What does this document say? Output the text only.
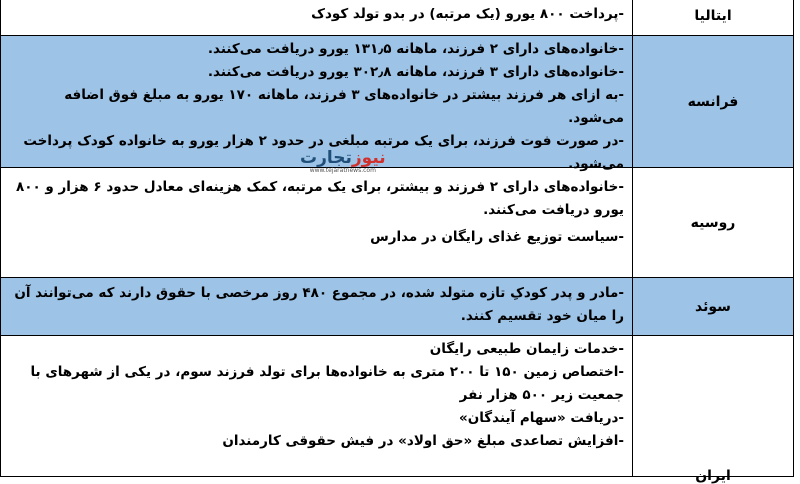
ایتالیا

-پرداخت ۸۰۰ یورو (یک مرتبه) در بدو تولد کودک

فرانسه

-خانواده‌های دارای ۲ فرزند، ماهانه ۱۳۱٫۵ یورو دریافت می‌کنند.

-خانواده‌های دارای ۳ فرزند، ماهانه ۳۰۲٫۸ یورو دریافت می‌کنند.

-به ازای هر فرزند بیشتر در خانواده‌های ۳ فرزند، ماهانه ۱۷۰ یورو به مبلغ فوق اضافه می‌شود.

-در صورت فوت فرزند، برای یک مرتبه مبلغی در حدود ۲ هزار یورو به خانواده کودک پرداخت می‌شود.

روسیه

-خانواده‌های دارای ۲ فرزند و بیشتر، برای یک مرتبه، کمک هزینه‌ای معادل حدود ۶ هزار و ۸۰۰ یورو دریافت می‌کنند.

-سیاست توزیع غذای رایگان در مدارس

سوئد

-مادر و پدر کودکِ تازه متولد شده، در مجموع ۴۸۰ روز مرخصی با حقوق دارند که می‌توانند آن را میان خود تقسیم کنند.

ایران

-خدمات زایمان طبیعی رایگان

-اختصاص زمین ۱۵۰ تا ۲۰۰ متری به خانواده‌ها برای تولد فرزند سوم، در یکی از شهرهای با جمعیت زیر ۵۰۰ هزار نفر

-دریافت «سهام آیندگان»

-افزایش تصاعدی مبلغ «حق اولاد» در فیش حقوقی کارمندان

نیوزتجارت
www.tejaratnews.com
